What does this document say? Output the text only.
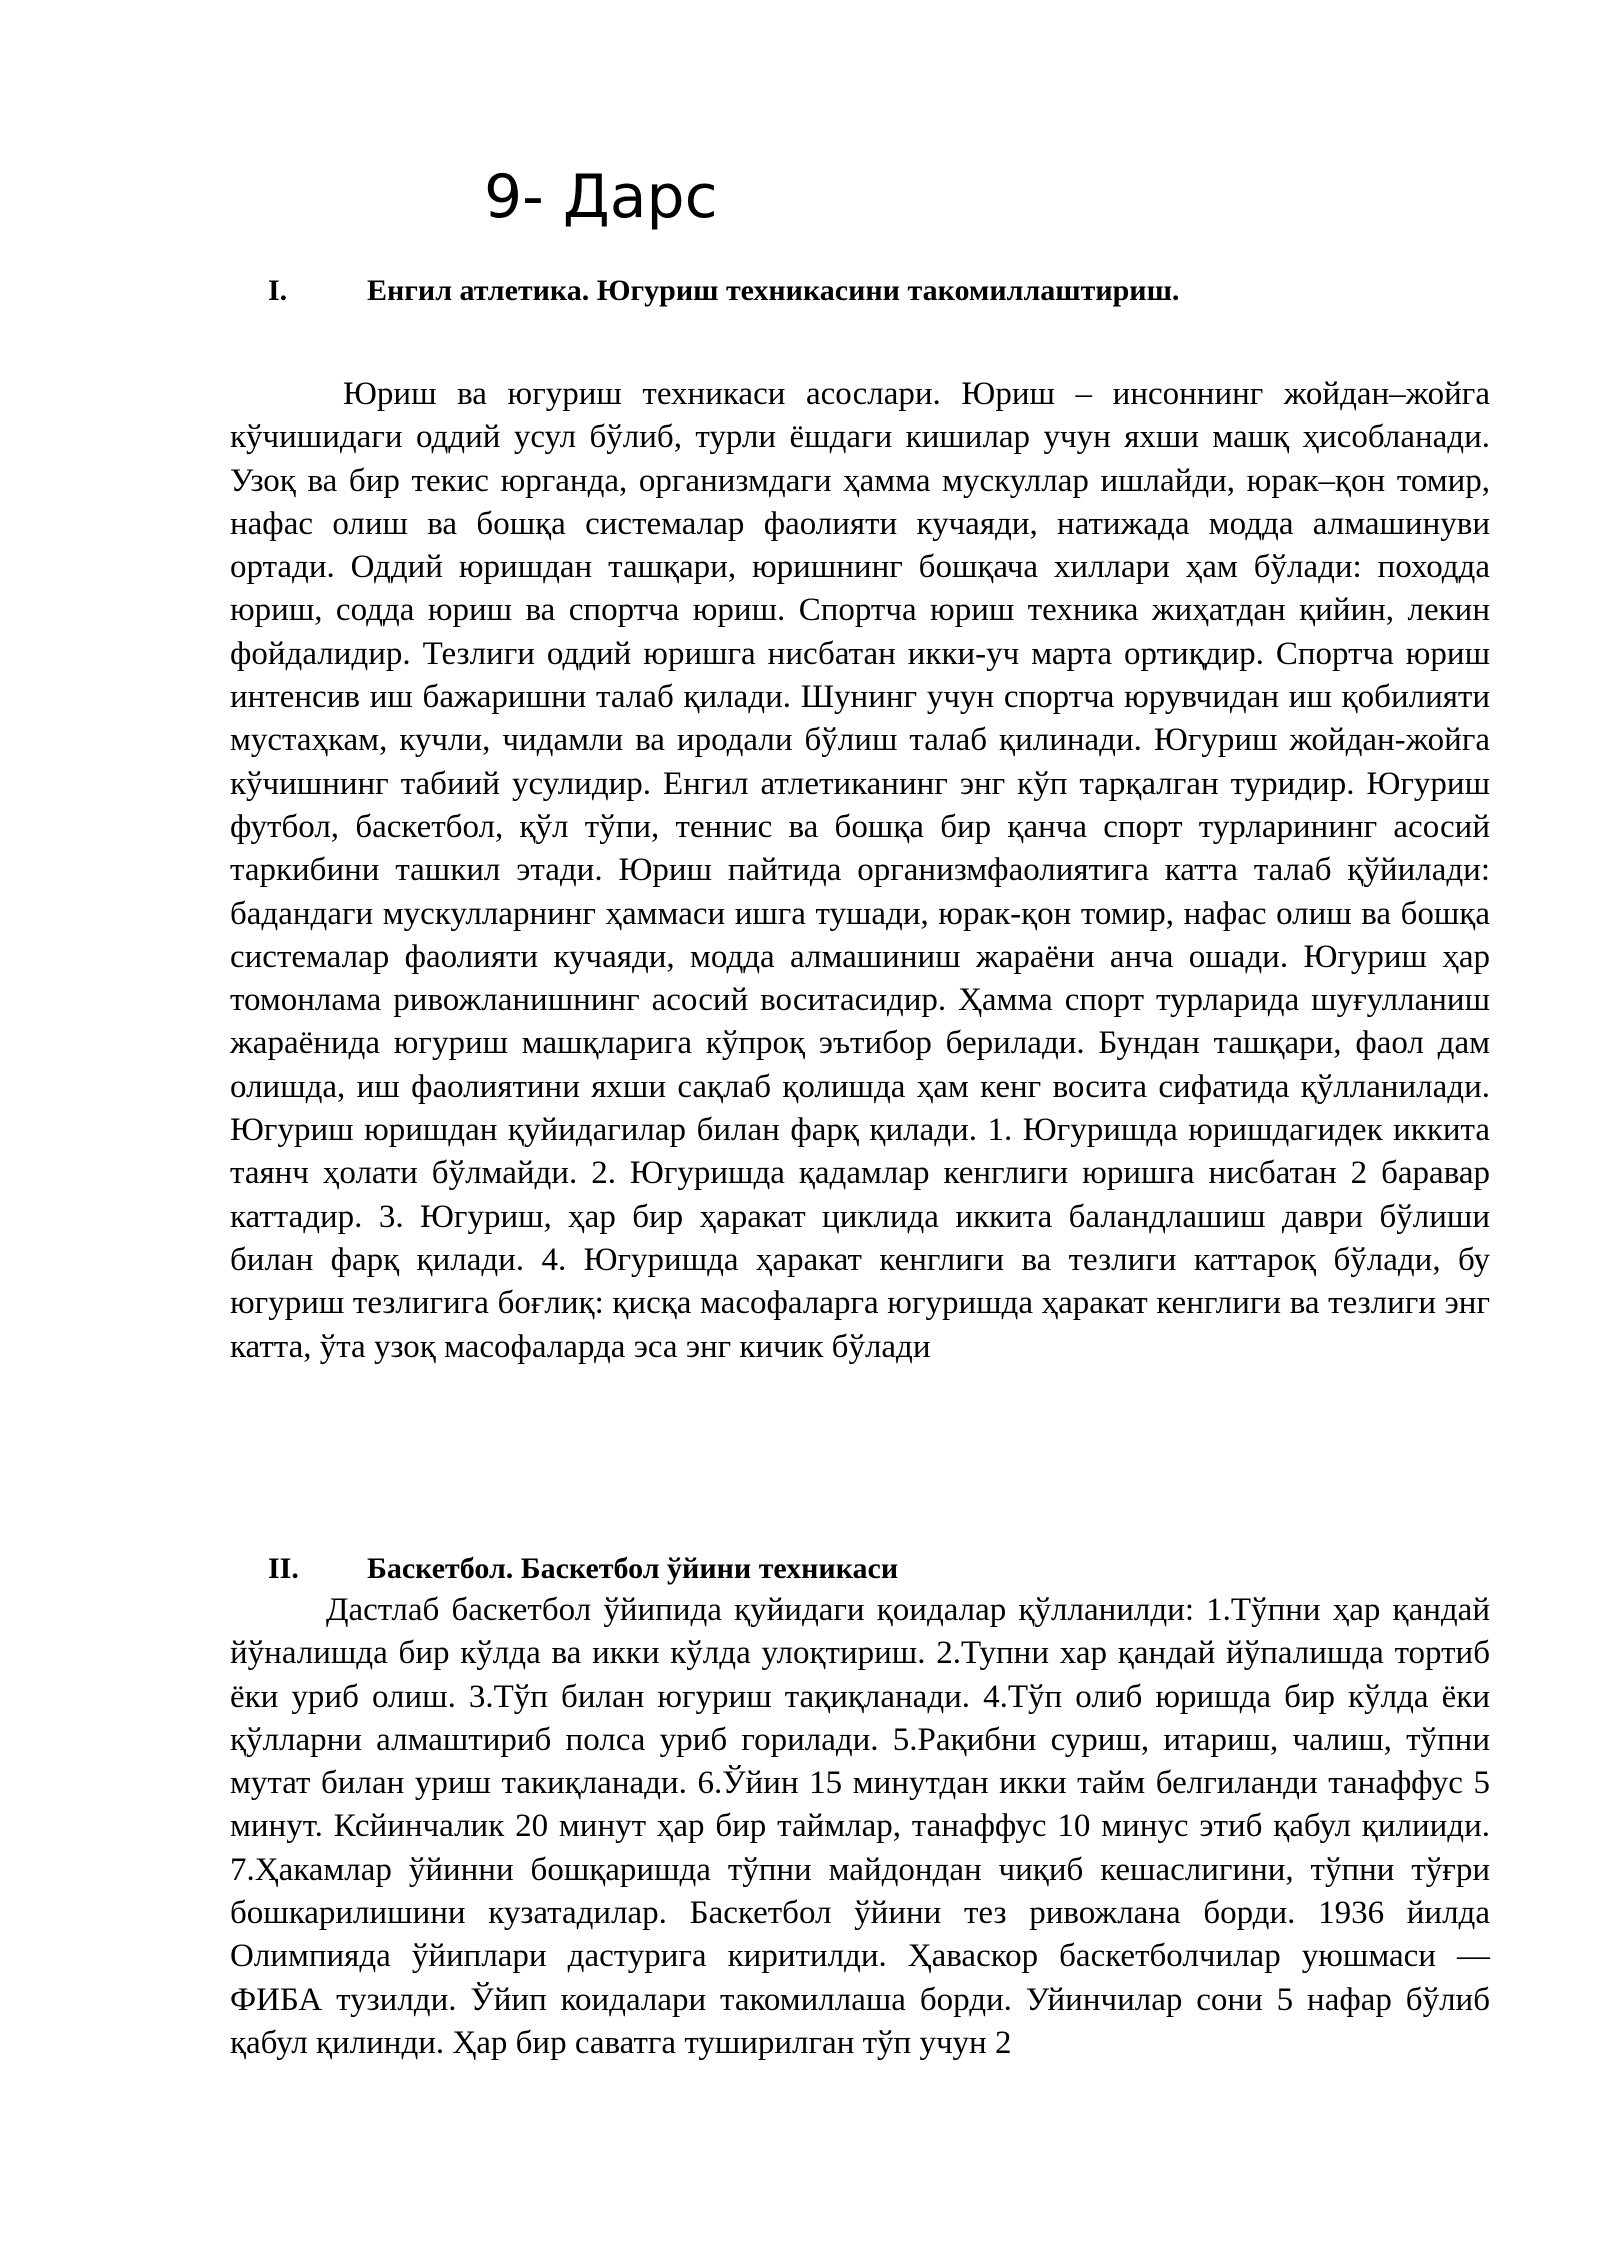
9- Дарс
I.	Енгил атлетика. Югуриш техникасини такомиллаштириш.

Юриш ва югуриш техникаси асослари. Юриш – инсоннинг жойдан–жойга кўчишидаги оддий усул бўлиб, турли ёшдаги кишилар учун яхши машқ ҳисобланади. Узоқ ва бир текис юрганда, организмдаги ҳамма мускуллар ишлайди, юрак–қон томир, нафас олиш ва бошқа системалар фаолияти кучаяди, натижада модда алмашинуви ортади. Оддий юришдан ташқари, юришнинг бошқача хиллари ҳам бўлади: походда юриш, содда юриш ва спортча юриш. Спортча юриш техника жиҳатдан қийин, лекин фойдалидир. Тезлиги оддий юришга нисбатан икки-уч марта ортиқдир. Спортча юриш интенсив иш бажаришни талаб қилади. Шунинг учун спортча юрувчидан иш қобилияти мустаҳкам, кучли, чидамли ва иродали бўлиш талаб қилинади. Югуриш жойдан-жойга кўчишнинг табиий усулидир. Енгил атлетиканинг энг кўп тарқалган туридир. Югуриш футбол, баскетбол, қўл тўпи, теннис ва бошқа бир қанча спорт турларининг асосий таркибини ташкил этади. Юриш пайтида организмфаолиятига катта талаб қўйилади: бадандаги мускулларнинг ҳаммаси ишга тушади, юрак-қон томир, нафас олиш ва бошқа системалар фаолияти кучаяди, модда алмашиниш жараёни анча ошади. Югуриш ҳар томонлама ривожланишнинг асосий воситасидир. Ҳамма спорт турларида шуғулланиш жараёнида югуриш машқларига кўпроқ эътибор берилади. Бундан ташқари, фаол дам олишда, иш фаолиятини яхши сақлаб қолишда ҳам кенг восита сифатида қўлланилади. Югуриш юришдан қуйидагилар билан фарқ қилади. 1. Югуришда юришдагидек иккита таянч ҳолати бўлмайди. 2. Югуришда қадамлар кенглиги юришга нисбатан 2 баравар каттадир. 3. Югуриш, ҳар бир ҳаракат циклида иккита баландлашиш даври бўлиши билан фарқ қилади. 4. Югуришда ҳаракат кенглиги ва тезлиги каттароқ бўлади, бу югуриш тезлигига боғлиқ: қисқа масофаларга югуришда ҳаракат кенглиги ва тезлиги энг катта, ўта узоқ масофаларда эса энг кичик бўлади

II. Баскетбол. Баскетбол ўйини техникаси

Дастлаб баскетбол ўйипида қуйидаги қоидалар қўлланилди: 1.Тўпни ҳар қандай йўналишда бир кўлда ва икки кўлда улоқтириш. 2.Тупни хар қандай йўпалишда тортиб ёки уриб олиш. 3.Тўп билан югуриш тақиқланади. 4.Тўп олиб юришда бир кўлда ёки қўлларни алмаштириб полса уриб горилади. 5.Рақибни суриш, итариш, чалиш, тўпни мутат билан уриш такиқланади. 6.Ўйин 15 минутдан икки тайм белгиланди танаффус 5 минут. Ксйинчалик 20 минут ҳар бир таймлар, танаффус 10 минус этиб қабул қилииди. 7.Ҳакамлар ўйинни бошқаришда тўпни майдондан чиқиб кешаслигини, тўпни тўғри бошкарилишини кузатадилар. Баскетбол ўйини тез ривожлана борди. 1936 йилда Олимпияда ўйиплари дастурига киритилди. Ҳаваскор баскетболчилар уюшмаси — ФИБА тузилди. Ўйип коидалари такомиллаша борди. Уйинчилар сони 5 нафар бўлиб қабул қилинди. Ҳар бир саватга туширилган тўп учун 2
